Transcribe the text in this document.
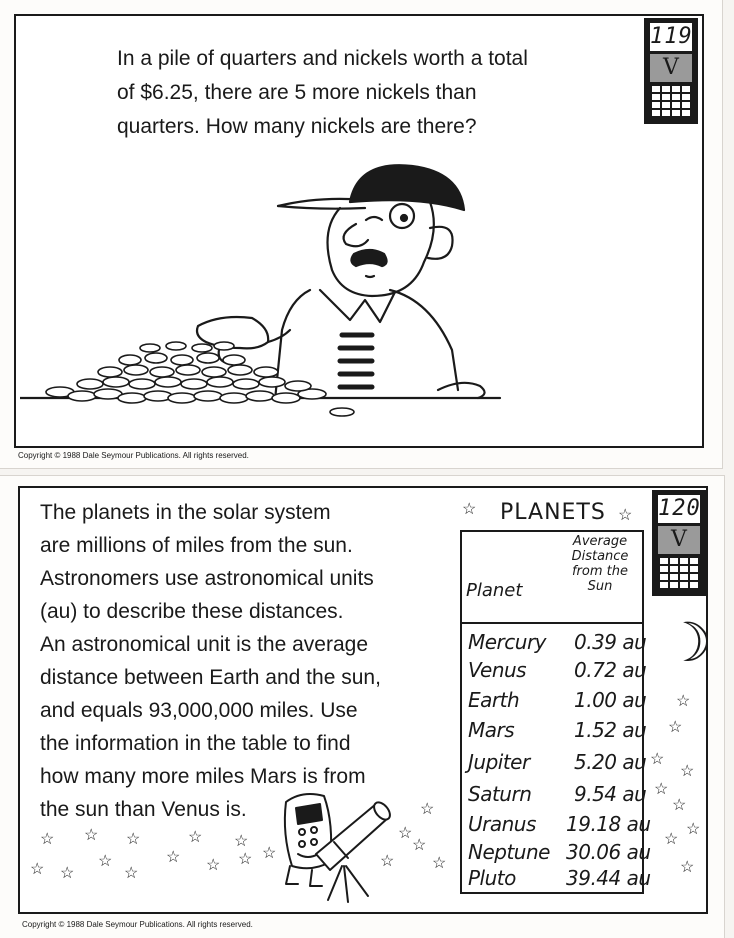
In a pile of quarters and nickels worth a total
of $6.25, there are 5 more nickels than
quarters. How many nickels are there?
119
V
Copyright © 1988 Dale Seymour Publications. All rights reserved.
The planets in the solar system
are millions of miles from the sun.
Astronomers use astronomical units
(au) to describe these distances.
An astronomical unit is the average
distance between Earth and the sun,
and equals 93,000,000 miles. Use
the information in the table to find
how many more miles Mars is from
the sun than Venus is.
120
V
PLANETS
☆	☆
Planet
Average
Distance
from the
Sun
Mercury 0.39 au
Venus 0.72 au
Earth	1.00 au
Mars	1.52 au
Jupiter 5.20 au
Saturn 9.54 au
Uranus 19.18 au
Neptune 30.06 au
Pluto	39.44 au
☽
☆
☆
☆
☆
☆
☆
☆
☆
☆
☆ ☆ ☆	☆ ☆
☆ ☆
☆
☆
☆ ☆ ☆ ☆
☆
☆
☆
☆
☆
Copyright © 1988 Dale Seymour Publications. All rights reserved.
